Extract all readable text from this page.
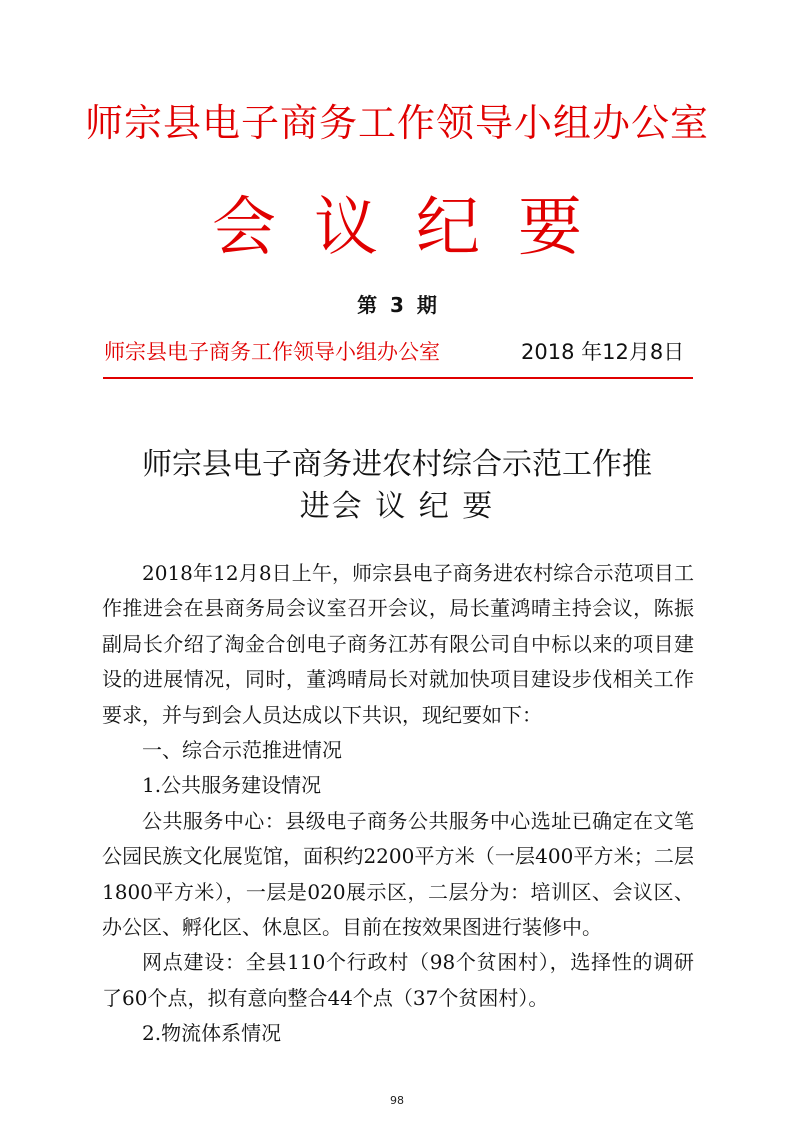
师宗县电子商务工作领导小组办公室
会议纪要
第 3 期
师宗县电子商务工作领导小组办公室	2018 年12月8日
师宗县电子商务进农村综合示范工作推
进会 议 纪 要

2018年12月8日上午，师宗县电子商务进农村综合示范项目工作推进会在县商务局会议室召开会议，局长董鸿晴主持会议，陈振副局长介绍了淘金合创电子商务江苏有限公司自中标以来的项目建设的进展情况，同时，董鸿晴局长对就加快项目建设步伐相关工作要求，并与到会人员达成以下共识，现纪要如下：

一、综合示范推进情况

1.公共服务建设情况

公共服务中心：县级电子商务公共服务中心选址已确定在文笔公园民族文化展览馆，面积约2200平方米（一层400平方米；二层1800平方米），一层是020展示区，二层分为：培训区、会议区、办公区、孵化区、休息区。目前在按效果图进行装修中。

网点建设：全县110个行政村（98个贫困村），选择性的调研了60个点，拟有意向整合44个点（37个贫困村）。

2.物流体系情况

98
